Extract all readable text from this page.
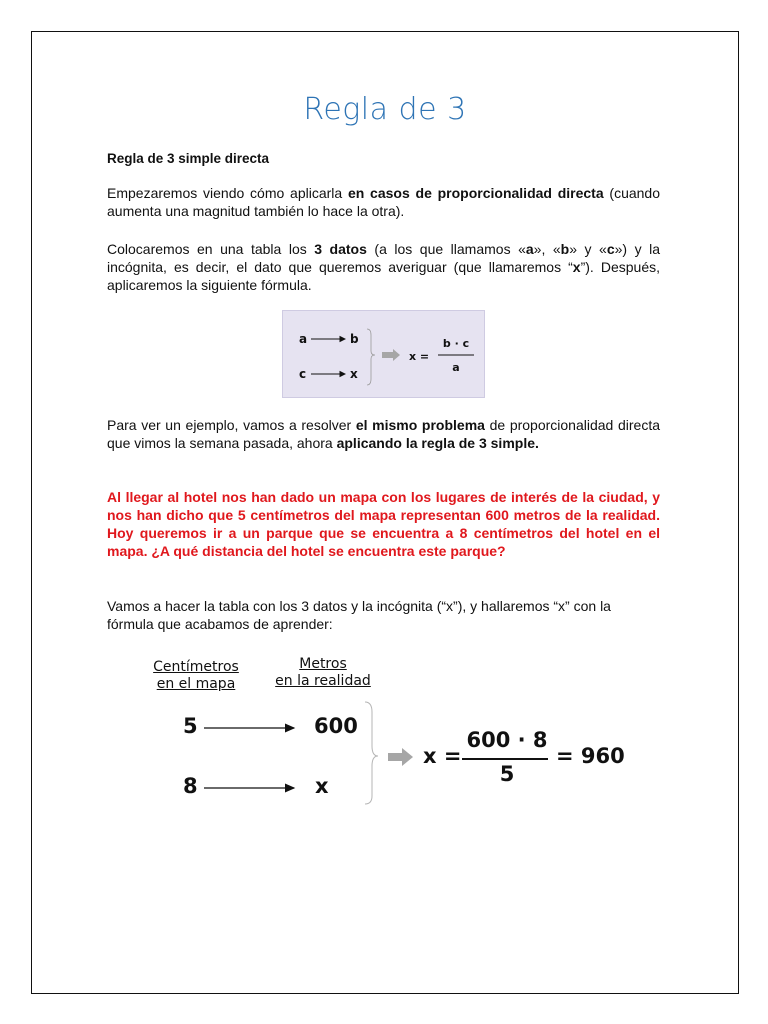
Regla de 3
Regla de 3 simple directa
Empezaremos viendo cómo aplicarla en casos de proporcionalidad directa (cuando aumenta una magnitud también lo hace la otra).
Colocaremos en una tabla los 3 datos (a los que llamamos «a», «b» y «c») y la incógnita, es decir, el dato que queremos averiguar (que llamaremos “x”). Después, aplicaremos la siguiente fórmula.
a	b
c	x
x =
b · c
a
Para ver un ejemplo, vamos a resolver el mismo problema de proporcionalidad directa que vimos la semana pasada, ahora aplicando la regla de 3 simple.
Al llegar al hotel nos han dado un mapa con los lugares de interés de la ciudad, y nos han dicho que 5 centímetros del mapa representan 600 metros de la realidad. Hoy queremos ir a un parque que se encuentra a 8 centímetros del hotel en el mapa. ¿A qué distancia del hotel se encuentra este parque?
Vamos a hacer la tabla con los 3 datos y la incógnita (“x”), y hallaremos “x” con la fórmula que acabamos de aprender:
Centímetros
en el mapa
Metros
en la realidad
5	600
8	x
x =
600 · 8
5
= 960
